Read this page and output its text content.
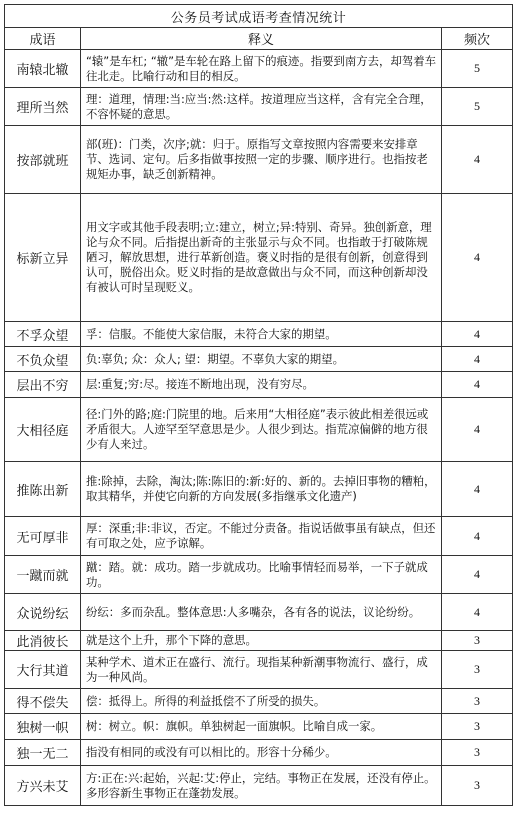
公务员考试成语考查情况统计		
成语	释义	频次
南辕北辙	“辕”是车杠; “辙”是车轮在路上留下的痕迹。指要到南方去，却驾着车往北走。比喻行动和目的相反。	5
理所当然	理：道理，情理:当:应当:然:这样。按道理应当这样，含有完全合理，不容怀疑的意思。	5
按部就班	部(班)：门类，次序;就：归于。原指写文章按照内容需要来安排章节、选词、定句。后多指做事按照一定的步骤、顺序进行。也指按老规矩办事，缺乏创新精神。	4
标新立异	用文字或其他手段表明;立:建立，树立;异:特别、奇异。独创新意，理论与众不同。后指提出新奇的主张显示与众不同。也指敢于打破陈规陋习，解放思想，进行革新创造。褒义时指的是很有创新，创意得到认可，脱俗出众。贬义时指的是故意做出与众不同，而这种创新却没有被认可时呈现贬义。	4
不孚众望	孚：信服。不能使大家信服，未符合大家的期望。	4
不负众望	负:辜负; 众：众人; 望：期望。不辜负大家的期望。	4
层出不穷	层:重复;穷:尽。接连不断地出现，没有穷尽。	4
大相径庭	径:门外的路;庭:门院里的地。后来用“大相径庭”表示彼此相差很远或矛盾很大。人迹罕至罕意思是少。人很少到达。指荒凉偏僻的地方很少有人来过。	4
推陈出新	推:除掉，去除，淘汰;陈:陈旧的:新:好的、新的。去掉旧事物的糟粕，取其精华，并使它向新的方向发展(多指继承文化遗产)	4
无可厚非	厚：深重;非:非议，否定。不能过分责备。指说话做事虽有缺点，但还有可取之处，应予谅解。	4
一蹴而就	蹴：踏。就：成功。踏一步就成功。比喻事情轻而易举，一下子就成功。	4
众说纷纭	纷纭：多而杂乱。整体意思:人多嘴杂，各有各的说法，议论纷纷。	4
此消彼长	就是这个上升，那个下降的意思。	3
大行其道	某种学术、道术正在盛行、流行。现指某种新潮事物流行、盛行，成为一种风尚。	3
得不偿失	偿：抵得上。所得的利益抵偿不了所受的损失。	3
独树一帜	树：树立。帜：旗帜。单独树起一面旗帜。比喻自成一家。	3
独一无二	指没有相同的或没有可以相比的。形容十分稀少。	3
方兴未艾	方:正在:兴:起始，兴起:艾:停止，完结。事物正在发展，还没有停止。多形容新生事物正在蓬勃发展。	3
